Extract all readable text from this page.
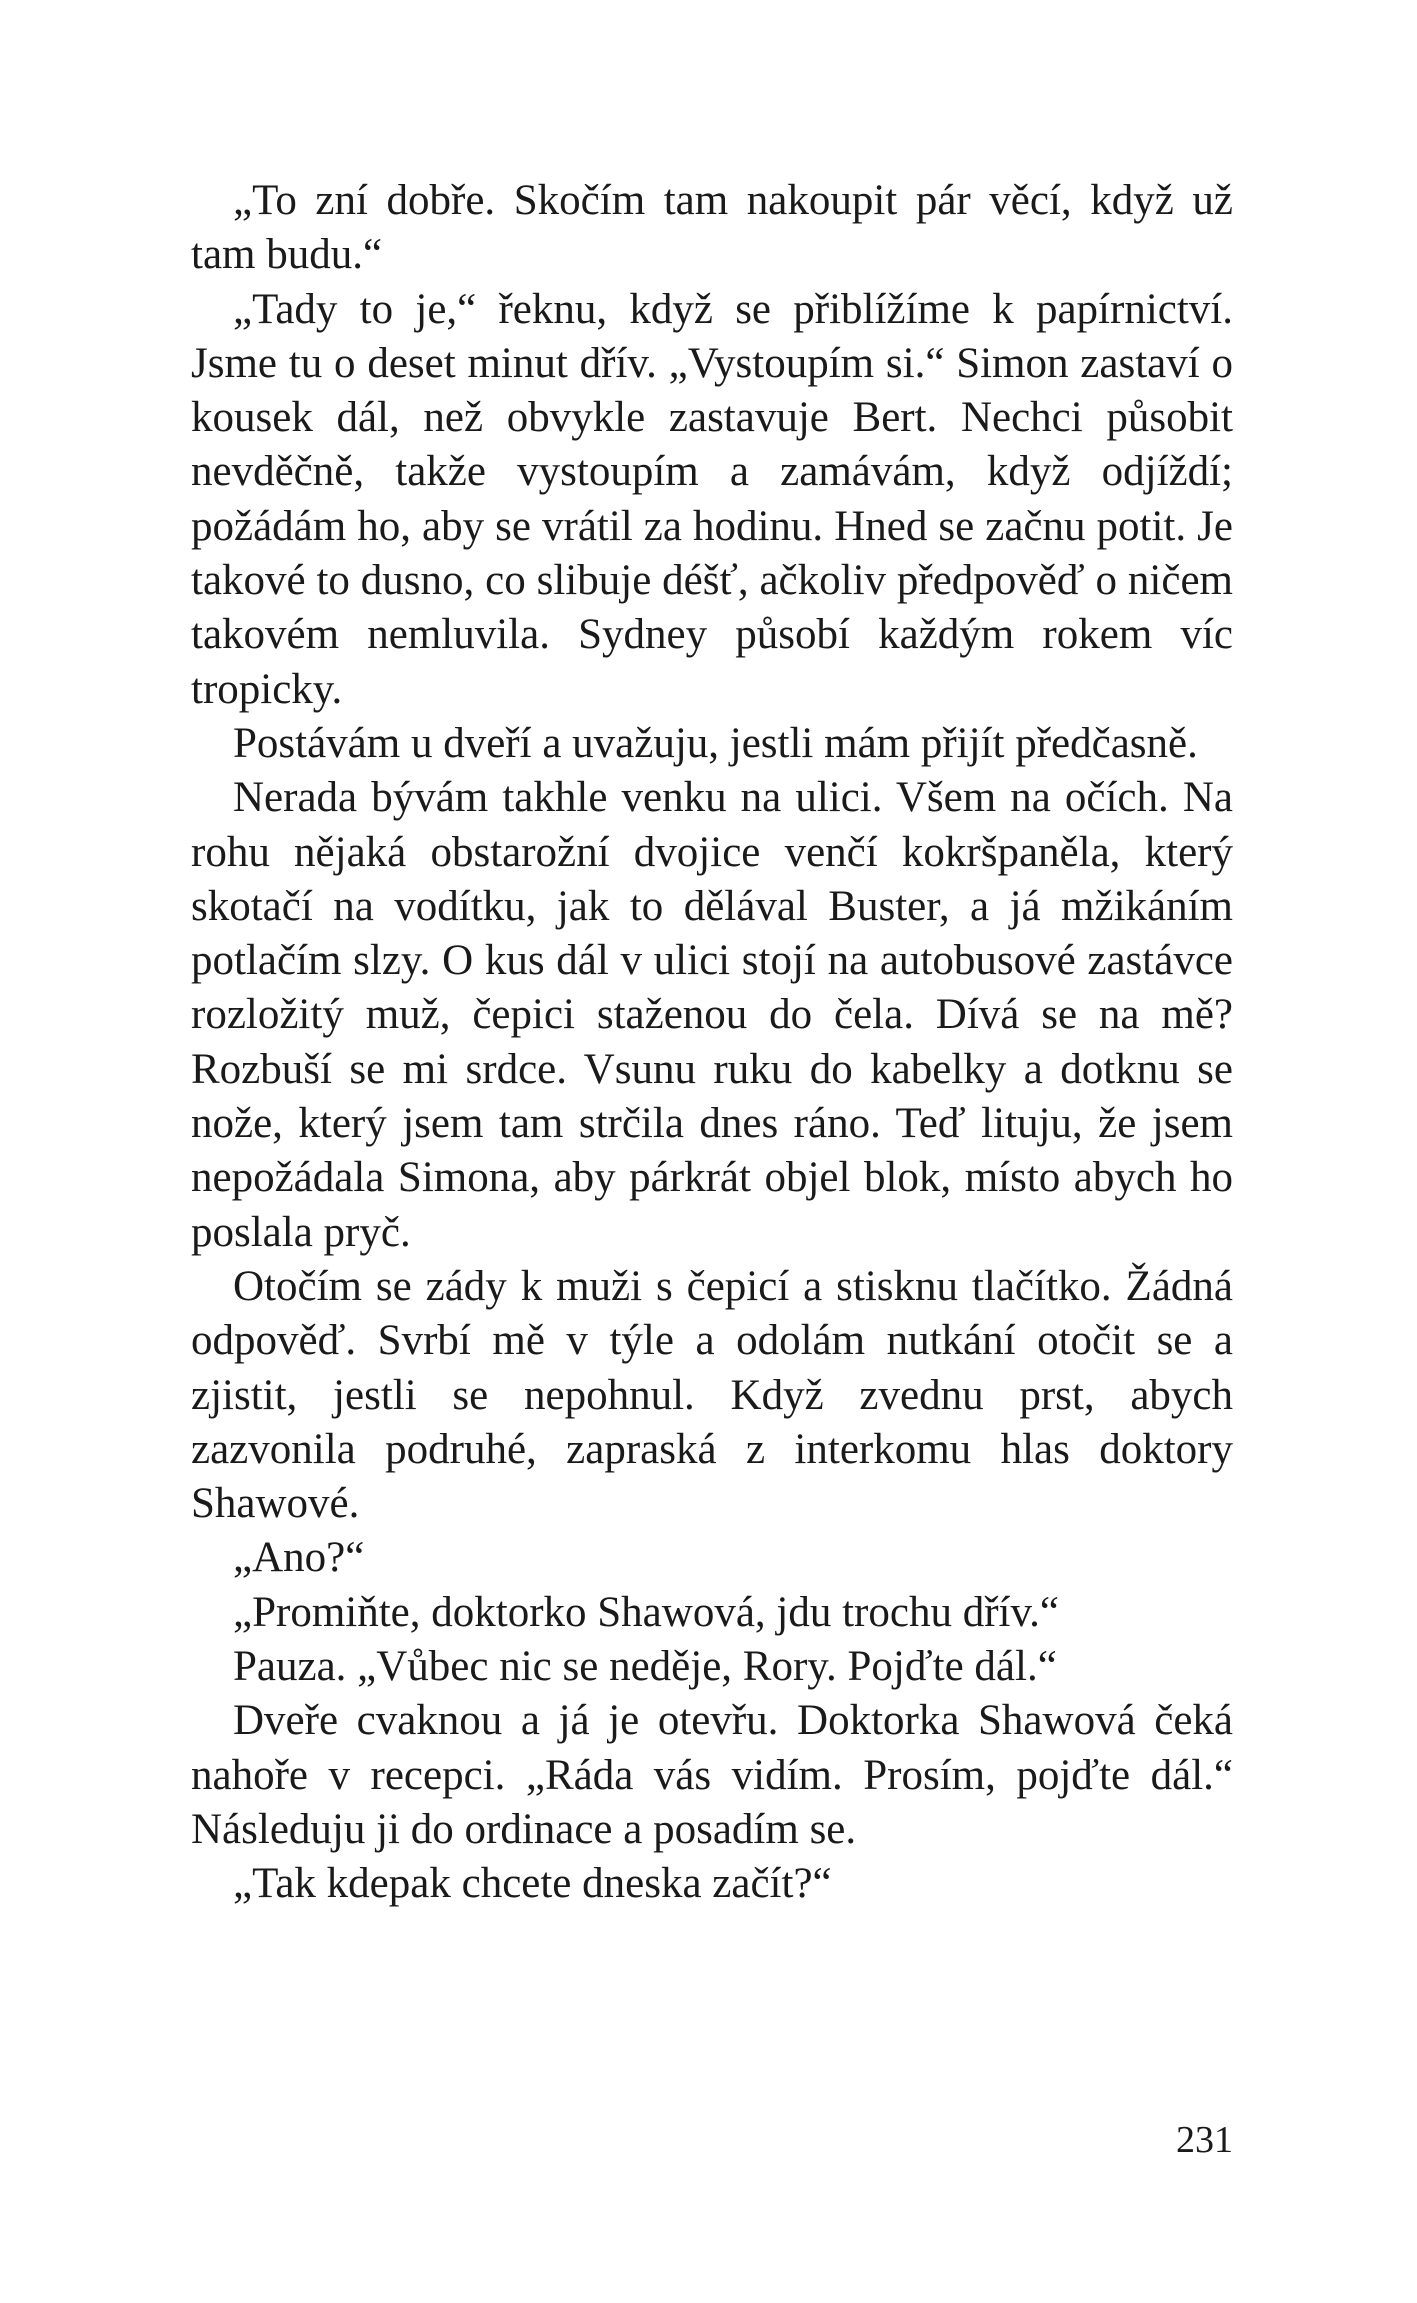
„To zní dobře. Skočím tam nakoupit pár věcí, když už tam budu.“

„Tady to je,“ řeknu, když se přiblížíme k papírnictví. Jsme tu o deset minut dřív. „Vystoupím si.“ Simon zastaví o kousek dál, než obvykle zastavuje Bert. Nechci působit nevděčně, takže vystoupím a zamávám, když odjíždí; požádám ho, aby se vrátil za hodinu. Hned se začnu potit. Je takové to dusno, co slibuje déšť, ačkoliv předpověď o ničem takovém nemluvila. Sydney působí každým rokem víc tropicky.

Postávám u dveří a uvažuju, jestli mám přijít předčasně.

Nerada bývám takhle venku na ulici. Všem na očích. Na rohu nějaká obstarožní dvojice venčí kokršpaněla, který skotačí na vodítku, jak to dělával Buster, a já mžikáním potlačím slzy. O kus dál v ulici stojí na autobusové zastávce rozložitý muž, čepici staženou do čela. Dívá se na mě? Rozbuší se mi srdce. Vsunu ruku do kabelky a dotknu se nože, který jsem tam strčila dnes ráno. Teď lituju, že jsem nepožádala Simona, aby párkrát objel blok, místo abych ho poslala pryč.

Otočím se zády k muži s čepicí a stisknu tlačítko. Žádná odpověď. Svrbí mě v týle a odolám nutkání otočit se a zjistit, jestli se nepohnul. Když zvednu prst, abych zazvonila podruhé, zapraská z interkomu hlas doktory Shawové.

„Ano?“

„Promiňte, doktorko Shawová, jdu trochu dřív.“

Pauza. „Vůbec nic se neděje, Rory. Pojďte dál.“

Dveře cvaknou a já je otevřu. Doktorka Shawová čeká nahoře v recepci. „Ráda vás vidím. Prosím, pojďte dál.“ Následuju ji do ordinace a posadím se.

„Tak kdepak chcete dneska začít?“

231
